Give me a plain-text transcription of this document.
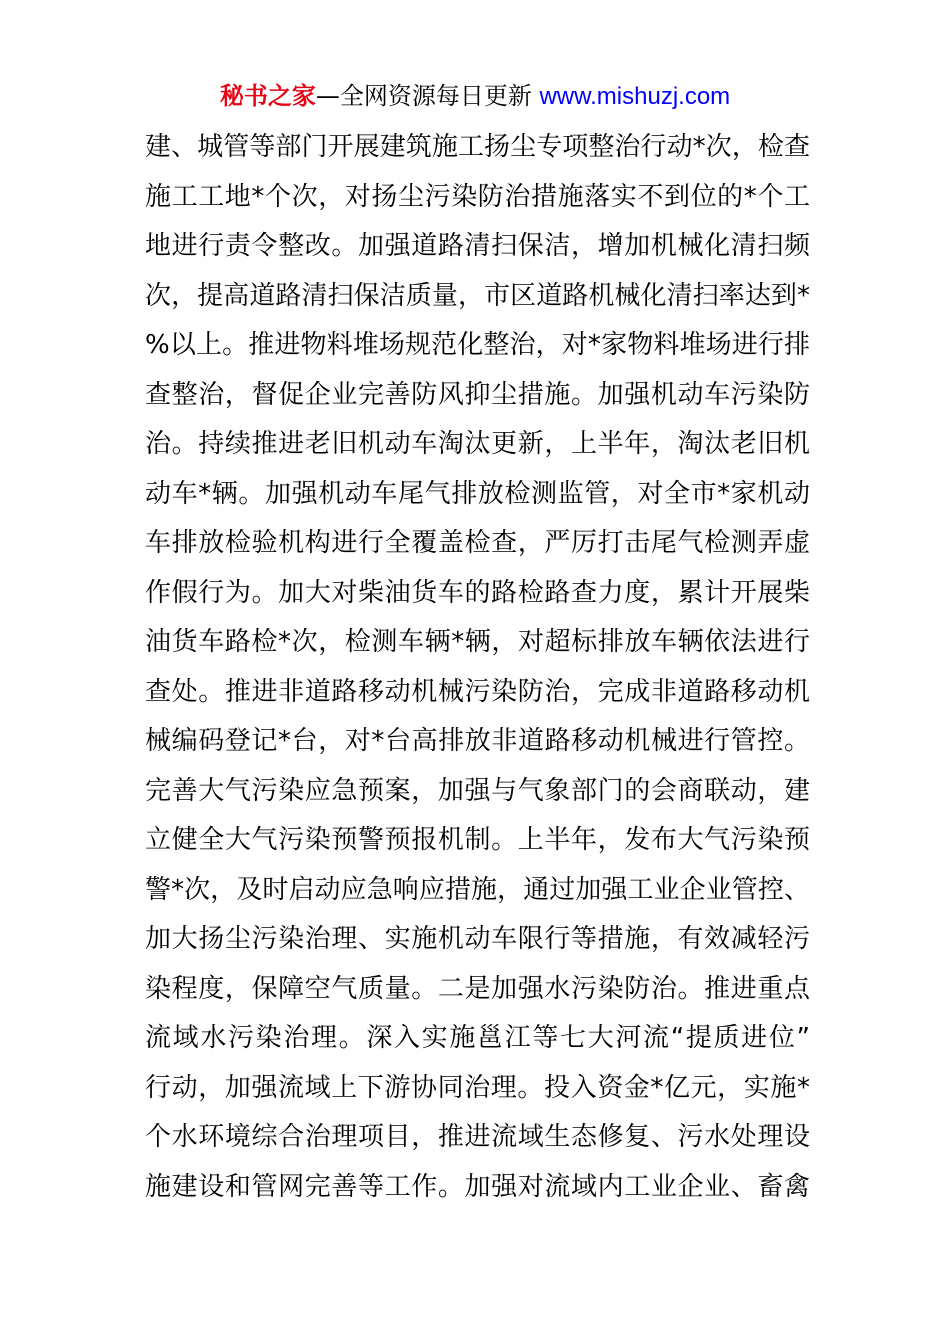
秘书之家—全网资源每日更新 www.mishuzj.com
建、城管等部门开展建筑施工扬尘专项整治行动*次，检查
施工工地*个次，对扬尘污染防治措施落实不到位的*个工
地进行责令整改。加强道路清扫保洁，增加机械化清扫频
次，提高道路清扫保洁质量，市区道路机械化清扫率达到*
%以上。推进物料堆场规范化整治，对*家物料堆场进行排
查整治，督促企业完善防风抑尘措施。加强机动车污染防
治。持续推进老旧机动车淘汰更新，上半年，淘汰老旧机
动车*辆。加强机动车尾气排放检测监管，对全市*家机动
车排放检验机构进行全覆盖检查，严厉打击尾气检测弄虚
作假行为。加大对柴油货车的路检路查力度，累计开展柴
油货车路检*次，检测车辆*辆，对超标排放车辆依法进行
查处。推进非道路移动机械污染防治，完成非道路移动机
械编码登记*台，对*台高排放非道路移动机械进行管控。
完善大气污染应急预案，加强与气象部门的会商联动，建
立健全大气污染预警预报机制。上半年，发布大气污染预
警*次，及时启动应急响应措施，通过加强工业企业管控、
加大扬尘污染治理、实施机动车限行等措施，有效减轻污
染程度，保障空气质量。二是加强水污染防治。推进重点
流域水污染治理。深入实施邕江等七大河流“提质进位”
行动，加强流域上下游协同治理。投入资金*亿元，实施*
个水环境综合治理项目，推进流域生态修复、污水处理设
施建设和管网完善等工作。加强对流域内工业企业、畜禽
